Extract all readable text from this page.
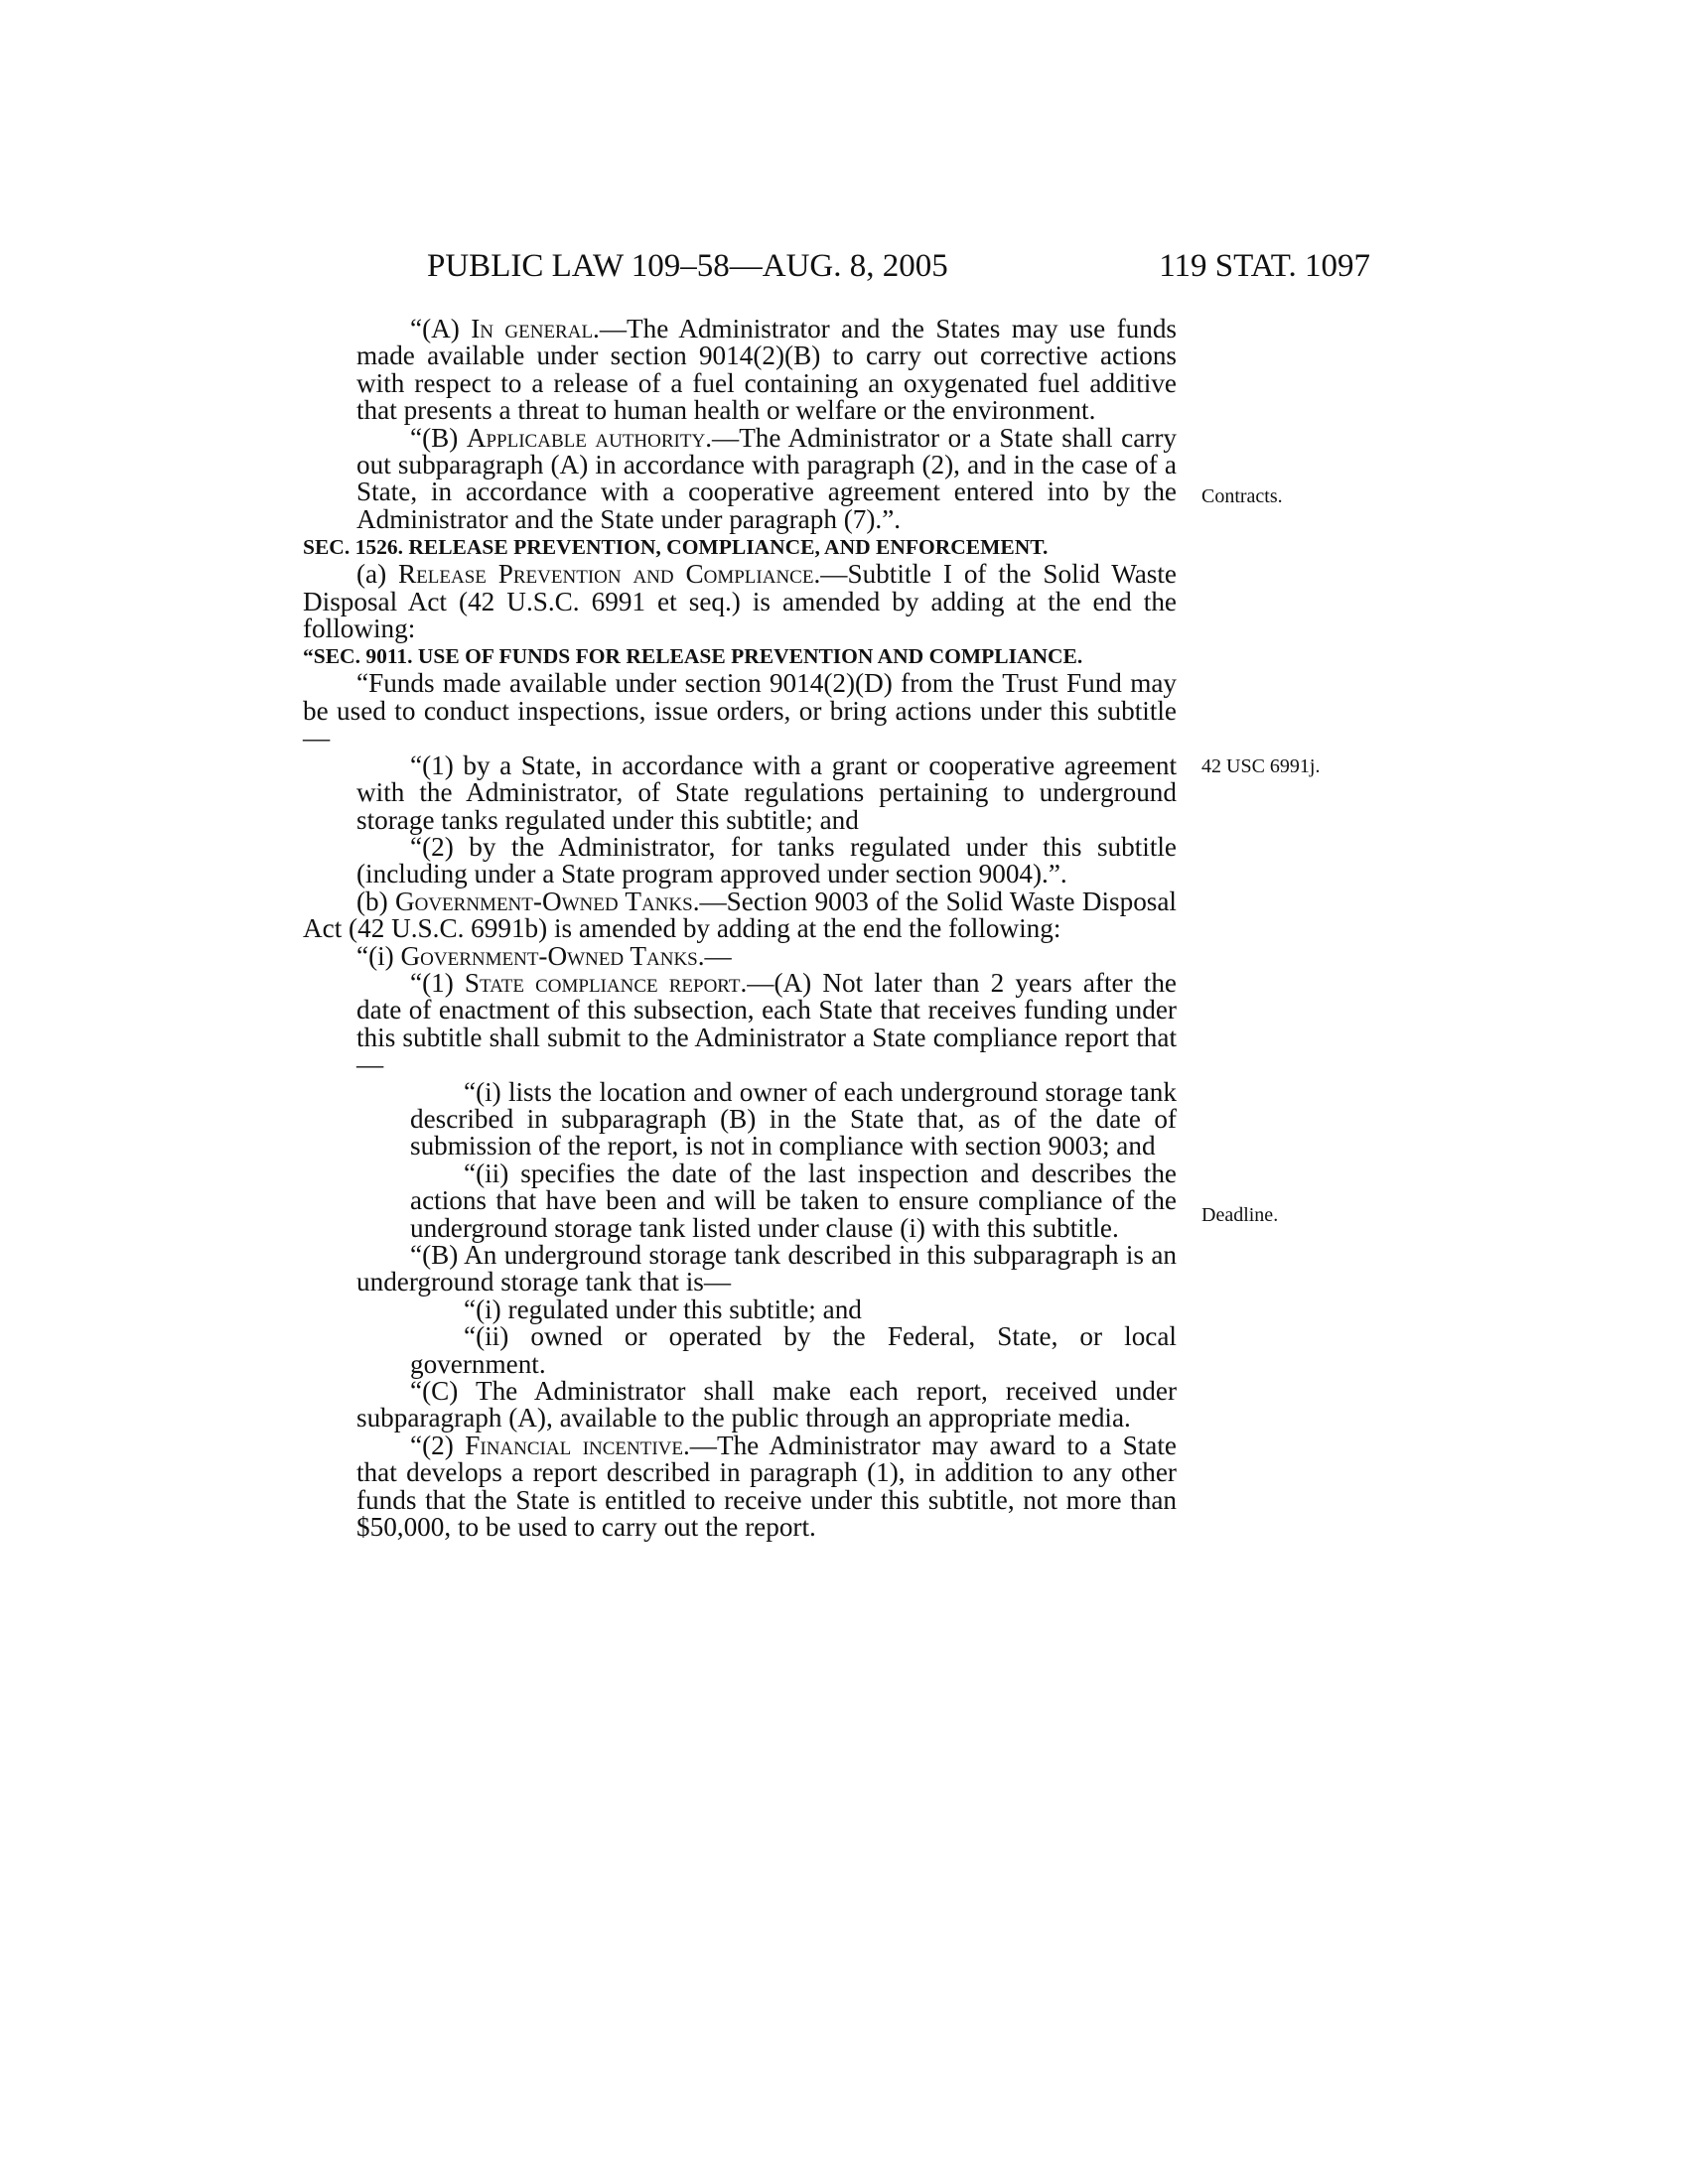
PUBLIC LAW 109–58—AUG. 8, 2005	119 STAT. 1097
Contracts.
42 USC 6991j.
Deadline.

“(A) In general.—The Administrator and the States may use funds made available under section 9014(2)(B) to carry out corrective actions with respect to a release of a fuel containing an oxygenated fuel additive that presents a threat to human health or welfare or the environment.

“(B) Applicable authority.—The Administrator or a State shall carry out subparagraph (A) in accordance with paragraph (2), and in the case of a State, in accordance with a cooperative agreement entered into by the Administrator and the State under paragraph (7).”.

SEC. 1526. RELEASE PREVENTION, COMPLIANCE, AND ENFORCEMENT.

(a) Release Prevention and Compliance.—Subtitle I of the Solid Waste Disposal Act (42 U.S.C. 6991 et seq.) is amended by adding at the end the following:

“SEC. 9011. USE OF FUNDS FOR RELEASE PREVENTION AND COMPLIANCE.

“Funds made available under section 9014(2)(D) from the Trust Fund may be used to conduct inspections, issue orders, or bring actions under this subtitle—

“(1) by a State, in accordance with a grant or cooperative agreement with the Administrator, of State regulations pertaining to underground storage tanks regulated under this subtitle; and

“(2) by the Administrator, for tanks regulated under this subtitle (including under a State program approved under section 9004).”.

(b) Government-Owned Tanks.—Section 9003 of the Solid Waste Disposal Act (42 U.S.C. 6991b) is amended by adding at the end the following:

“(i) Government-Owned Tanks.—

“(1) State compliance report.—(A) Not later than 2 years after the date of enactment of this subsection, each State that receives funding under this subtitle shall submit to the Administrator a State compliance report that—

“(i) lists the location and owner of each underground storage tank described in subparagraph (B) in the State that, as of the date of submission of the report, is not in compliance with section 9003; and

“(ii) specifies the date of the last inspection and describes the actions that have been and will be taken to ensure compliance of the underground storage tank listed under clause (i) with this subtitle.

“(B) An underground storage tank described in this subparagraph is an underground storage tank that is—

“(i) regulated under this subtitle; and

“(ii) owned or operated by the Federal, State, or local government.

“(C) The Administrator shall make each report, received under subparagraph (A), available to the public through an appropriate media.

“(2) Financial incentive.—The Administrator may award to a State that develops a report described in paragraph (1), in addition to any other funds that the State is entitled to receive under this subtitle, not more than $50,000, to be used to carry out the report.
